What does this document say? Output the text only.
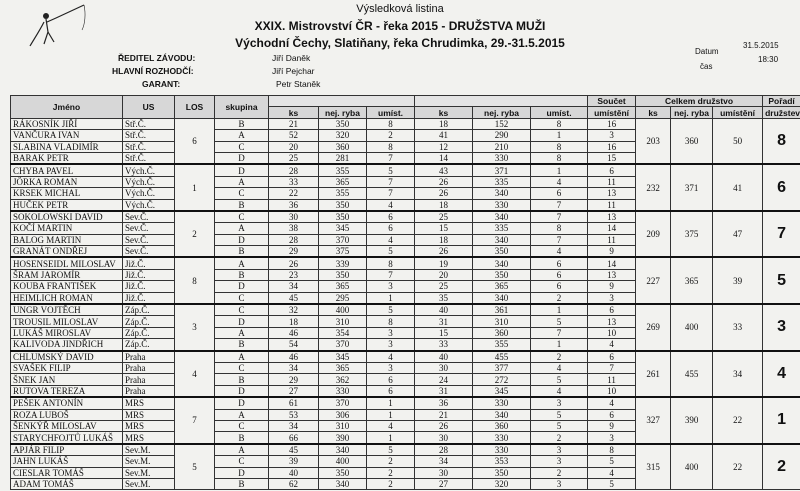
Výsledková listina
XXIX. Mistrovství ČR - řeka 2015 - DRUŽSTVA MUŽI
Východní Čechy, Slatiňany, řeka Chrudimka, 29.-31.5.2015
ŘEDITEL ZÁVODU:	Jiří Daněk
HLAVNÍ ROZHODČÍ:	Jiří Pejchar
GARANT:	Petr Staněk
Datum
31.5.2015
čas
18:30
Jméno	US	LOS	skupina							Součet	Celkem družstvo			Pořadí
				ks	nej. ryba	umíst.	ks	nej. ryba	umíst.	umístění	ks	nej. ryba	umístění	družstev
RÁKOSNÍK JIŘÍ	Stř.Č.	6	B	21	350	8	18	152	8	16	203	360	50	8
VANČURA IVAN	Stř.Č.		A	52	320	2	41	290	1	3				
SLABINA VLADIMÍR	Stř.Č.		C	20	360	8	12	210	8	16				
BARAK PETR	Stř.Č.		D	25	281	7	14	330	8	15				
CHYBA PAVEL	Vých.Č.	1	D	28	355	5	43	371	1	6	232	371	41	6
JÖRKA ROMAN	Vých.Č.		A	33	365	7	26	335	4	11				
KRSEK MICHAL	Vých.Č.		C	22	355	7	26	340	6	13				
HUČEK PETR	Vých.Č.		B	36	350	4	18	330	7	11				
SOKOLOWSKI DAVID	Sev.Č.	2	C	30	350	6	25	340	7	13	209	375	47	7
KOČÍ MARTIN	Sev.Č.		A	38	345	6	15	335	8	14				
BALOG MARTIN	Sev.Č.		D	28	370	4	18	340	7	11				
GRANÁT ONDŘEJ	Sev.Č.		B	29	375	5	26	350	4	9				
HOSENSEIDL MILOSLAV	Již.Č.	8	A	26	339	8	19	340	6	14	227	365	39	5
ŠRAM JAROMÍR	Již.Č.		B	23	350	7	20	350	6	13				
KOUBA FRANTIŠEK	Již.Č.		D	34	365	3	25	365	6	9				
HEIMLICH ROMAN	Již.Č.		C	45	295	1	35	340	2	3				
UNGR VOJTĚCH	Záp.Č.	3	C	32	400	5	40	361	1	6	269	400	33	3
TROUSIL MILOSLAV	Záp.Č.		D	18	310	8	31	310	5	13				
LUKÁŠ MIROSLAV	Záp.Č.		A	46	354	3	15	360	7	10				
KALIVODA JINDŘICH	Záp.Č.		B	54	370	3	33	355	1	4				
CHLUMSKÝ DAVID	Praha	4	A	46	345	4	40	455	2	6	261	455	34	4
SVAŠEK FILIP	Praha		C	34	365	3	30	377	4	7				
ŠNEK JAN	Praha		B	29	362	6	24	272	5	11				
RUTOVA TEREZA	Praha		D	27	330	6	31	345	4	10				
PEŠEK ANTONÍN	MRS	7	D	61	370	1	36	330	3	4	327	390	22	1
ROZA LUBOŠ	MRS		A	53	306	1	21	340	5	6				
ŠENKÝŘ MILOSLAV	MRS		C	34	310	4	26	360	5	9				
STARYCHFOJTŮ LUKÁŠ	MRS		B	66	390	1	30	330	2	3				
APJÁR FILIP	Sev.M.	5	A	45	340	5	28	330	3	8	315	400	22	2
JAHN LUKÁŠ	Sev.M.		C	39	400	2	34	353	3	5				
CIESLAR TOMÁŠ	Sev.M.		D	40	350	2	30	350	2	4				
ADAM TOMÁŠ	Sev.M.		B	62	340	2	27	320	3	5				
